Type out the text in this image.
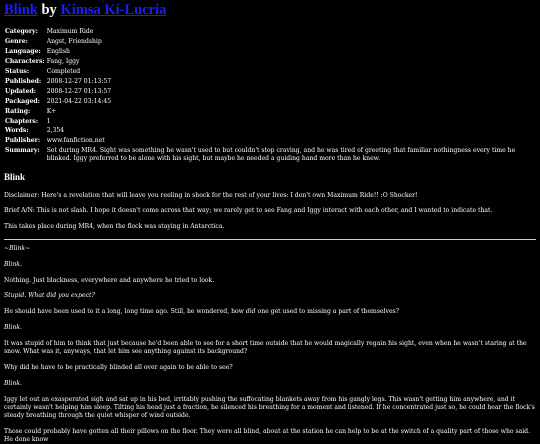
Blink by Kimsa Ki-Lucria
Category:	Maximum Ride
Genre:	Angst, Friendship
Language:	English
Characters:	Fang, Iggy
Status:	Completed
Published:	2008-12-27 01:13:57
Updated:	2008-12-27 01:13:57
Packaged:	2021-04-22 03:14:45
Rating:	K+
Chapters:	1
Words:	2,354
Publisher:	www.fanfiction.net
Summary:	Set during MR4. Sight was something he wasn't used to but couldn't stop craving, and he was tired of greeting that familiar nothingness every time he blinked. Iggy preferred to be alone with his sight, but maybe he needed a guiding hand more than he knew.
Blink

Disclaimer: Here's a revelation that will leave you reeling in shock for the rest of your lives: I don't own Maximum Ride!! :O Shocker!

Brief A/N: This is not slash. I hope it doesn't come across that way; we rarely get to see Fang and Iggy interact with each other, and I wanted to indicate that.

This takes place during MR4, when the flock was staying in Antarctica.

~Blink~

Blink.

Nothing. Just blackness, everywhere and anywhere he tried to look.

Stupid. What did you expect?

He should have been used to it a long, long time ago. Still, he wondered, how did one get used to missing a part of themselves?

Blink.

It was stupid of him to think that just because he'd been able to see for a short time outside that he would magically regain his sight, even when he wasn't staring at the snow. What was it, anyways, that let him see anything against its background?

Why did he have to be practically blinded all over again to be able to see?

Blink.

Iggy let out an exasperated sigh and sat up in his bed, irritably pushing the suffocating blankets away from his gangly legs. This wasn't getting him anywhere, and it certainly wasn't helping him sleep. Tilting his head just a fraction, he silenced his breathing for a moment and listened. If he concentrated just so, he could hear the flock's steady breathing through the quiet whisper of wind outside.

Those could probably have gotten all their pillows on the floor. They were all blind, about at the station he can help to be at the switch of a quality part of those who said. He done know
